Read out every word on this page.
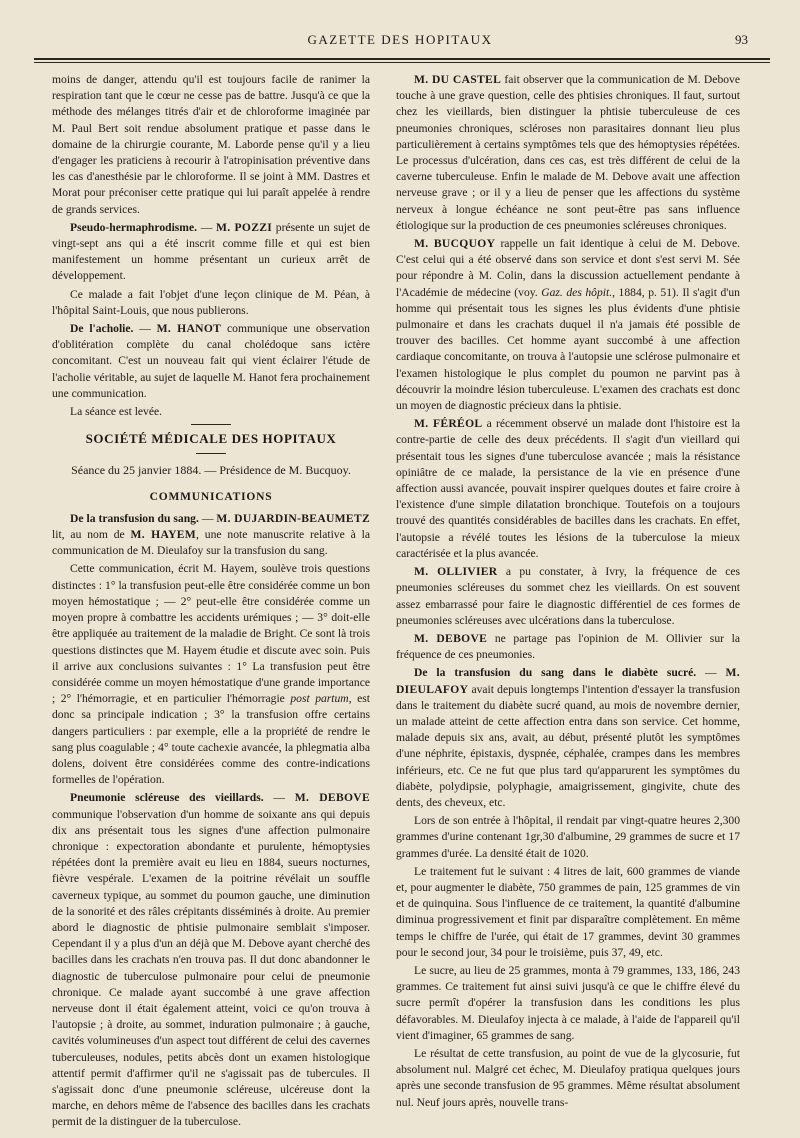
GAZETTE DES HOPITAUX	93

moins de danger, attendu qu'il est toujours facile de ranimer la respiration tant que le cœur ne cesse pas de battre. Jusqu'à ce que la méthode des mélanges titrés d'air et de chloroforme imaginée par M. Paul Bert soit rendue absolument pratique et passe dans le domaine de la chirurgie courante, M. Laborde pense qu'il y a lieu d'engager les praticiens à recourir à l'atropinisation préventive dans les cas d'anesthésie par le chloroforme. Il se joint à MM. Dastres et Morat pour préconiser cette pratique qui lui paraît appelée à rendre de grands services.

Pseudo-hermaphrodisme. — M. POZZI présente un sujet de vingt-sept ans qui a été inscrit comme fille et qui est bien manifestement un homme présentant un curieux arrêt de développement.

Ce malade a fait l'objet d'une leçon clinique de M. Péan, à l'hôpital Saint-Louis, que nous publierons.

De l'acholie. — M. HANOT communique une observation d'oblitération complète du canal cholédoque sans ictère concomitant. C'est un nouveau fait qui vient éclairer l'étude de l'acholie véritable, au sujet de laquelle M. Hanot fera prochainement une communication.

La séance est levée.

SOCIÉTÉ MÉDICALE DES HOPITAUX
Séance du 25 janvier 1884. — Présidence de M. Bucquoy.
COMMUNICATIONS

De la transfusion du sang. — M. DUJARDIN-BEAUMETZ lit, au nom de M. HAYEM, une note manuscrite relative à la communication de M. Dieulafoy sur la transfusion du sang.

Cette communication, écrit M. Hayem, soulève trois questions distinctes : 1° la transfusion peut-elle être considérée comme un bon moyen hémostatique ; — 2° peut-elle être considérée comme un moyen propre à combattre les accidents urémiques ; — 3° doit-elle être appliquée au traitement de la maladie de Bright. Ce sont là trois questions distinctes que M. Hayem étudie et discute avec soin. Puis il arrive aux conclusions suivantes : 1° La transfusion peut être considérée comme un moyen hémostatique d'une grande importance ; 2° l'hémorragie, et en particulier l'hémorragie post partum, est donc sa principale indication ; 3° la transfusion offre certains dangers particuliers : par exemple, elle a la propriété de rendre le sang plus coagulable ; 4° toute cachexie avancée, la phlegmatia alba dolens, doivent être considérées comme des contre-indications formelles de l'opération.

Pneumonie scléreuse des vieillards. — M. DEBOVE communique l'observation d'un homme de soixante ans qui depuis dix ans présentait tous les signes d'une affection pulmonaire chronique : expectoration abondante et purulente, hémoptysies répétées dont la première avait eu lieu en 1884, sueurs nocturnes, fièvre vespérale. L'examen de la poitrine révélait un souffle caverneux typique, au sommet du poumon gauche, une diminution de la sonorité et des râles crépitants disséminés à droite. Au premier abord le diagnostic de phtisie pulmonaire semblait s'imposer. Cependant il y a plus d'un an déjà que M. Debove ayant cherché des bacilles dans les crachats n'en trouva pas. Il dut donc abandonner le diagnostic de tuberculose pulmonaire pour celui de pneumonie chronique. Ce malade ayant succombé à une grave affection nerveuse dont il était également atteint, voici ce qu'on trouva à l'autopsie ; à droite, au sommet, induration pulmonaire ; à gauche, cavités volumineuses d'un aspect tout différent de celui des cavernes tuberculeuses, nodules, petits abcès dont un examen histologique attentif permit d'affirmer qu'il ne s'agissait pas de tubercules. Il s'agissait donc d'une pneumonie scléreuse, ulcéreuse dont la marche, en dehors même de l'absence des bacilles dans les crachats permit de la distinguer de la tuberculose.

M. DU CASTEL fait observer que la communication de M. Debove touche à une grave question, celle des phtisies chroniques. Il faut, surtout chez les vieillards, bien distinguer la phtisie tuberculeuse de ces pneumonies chroniques, scléroses non parasitaires donnant lieu plus particulièrement à certains symptômes tels que des hémoptysies répétées. Le processus d'ulcération, dans ces cas, est très différent de celui de la caverne tuberculeuse. Enfin le malade de M. Debove avait une affection nerveuse grave ; or il y a lieu de penser que les affections du système nerveux à longue échéance ne sont peut-être pas sans influence étiologique sur la production de ces pneumonies scléreuses chroniques.

M. BUCQUOY rappelle un fait identique à celui de M. Debove. C'est celui qui a été observé dans son service et dont s'est servi M. Sée pour répondre à M. Colin, dans la discussion actuellement pendante à l'Académie de médecine (voy. Gaz. des hôpit., 1884, p. 51). Il s'agit d'un homme qui présentait tous les signes les plus évidents d'une phtisie pulmonaire et dans les crachats duquel il n'a jamais été possible de trouver des bacilles. Cet homme ayant succombé à une affection cardiaque concomitante, on trouva à l'autopsie une sclérose pulmonaire et l'examen histologique le plus complet du poumon ne parvint pas à découvrir la moindre lésion tuberculeuse. L'examen des crachats est donc un moyen de diagnostic précieux dans la phtisie.

M. FÉRÉOL a récemment observé un malade dont l'histoire est la contre-partie de celle des deux précédents. Il s'agit d'un vieillard qui présentait tous les signes d'une tuberculose avancée ; mais la résistance opiniâtre de ce malade, la persistance de la vie en présence d'une affection aussi avancée, pouvait inspirer quelques doutes et faire croire à l'existence d'une simple dilatation bronchique. Toutefois on a toujours trouvé des quantités considérables de bacilles dans les crachats. En effet, l'autopsie a révélé toutes les lésions de la tuberculose la mieux caractérisée et la plus avancée.

M. OLLIVIER a pu constater, à Ivry, la fréquence de ces pneumonies scléreuses du sommet chez les vieillards. On est souvent assez embarrassé pour faire le diagnostic différentiel de ces formes de pneumonies scléreuses avec ulcérations dans la tuberculose.

M. DEBOVE ne partage pas l'opinion de M. Ollivier sur la fréquence de ces pneumonies.

De la transfusion du sang dans le diabète sucré. — M. DIEULAFOY avait depuis longtemps l'intention d'essayer la transfusion dans le traitement du diabète sucré quand, au mois de novembre dernier, un malade atteint de cette affection entra dans son service. Cet homme, malade depuis six ans, avait, au début, présenté plutôt les symptômes d'une néphrite, épistaxis, dyspnée, céphalée, crampes dans les membres inférieurs, etc. Ce ne fut que plus tard qu'apparurent les symptômes du diabète, polydipsie, polyphagie, amaigrissement, gingivite, chute des dents, des cheveux, etc.

Lors de son entrée à l'hôpital, il rendait par vingt-quatre heures 2,300 grammes d'urine contenant 1gr,30 d'albumine, 29 grammes de sucre et 17 grammes d'urée. La densité était de 1020.

Le traitement fut le suivant : 4 litres de lait, 600 grammes de viande et, pour augmenter le diabète, 750 grammes de pain, 125 grammes de vin et de quinquina. Sous l'influence de ce traitement, la quantité d'albumine diminua progressivement et finit par disparaître complètement. En même temps le chiffre de l'urée, qui était de 17 grammes, devint 30 grammes pour le second jour, 34 pour le troisième, puis 37, 49, etc.

Le sucre, au lieu de 25 grammes, monta à 79 grammes, 133, 186, 243 grammes. Ce traitement fut ainsi suivi jusqu'à ce que le chiffre élevé du sucre permît d'opérer la transfusion dans les conditions les plus défavorables. M. Dieulafoy injecta à ce malade, à l'aide de l'appareil qu'il vient d'imaginer, 65 grammes de sang.

Le résultat de cette transfusion, au point de vue de la glycosurie, fut absolument nul. Malgré cet échec, M. Dieulafoy pratiqua quelques jours après une seconde transfusion de 95 grammes. Même résultat absolument nul. Neuf jours après, nouvelle trans-
